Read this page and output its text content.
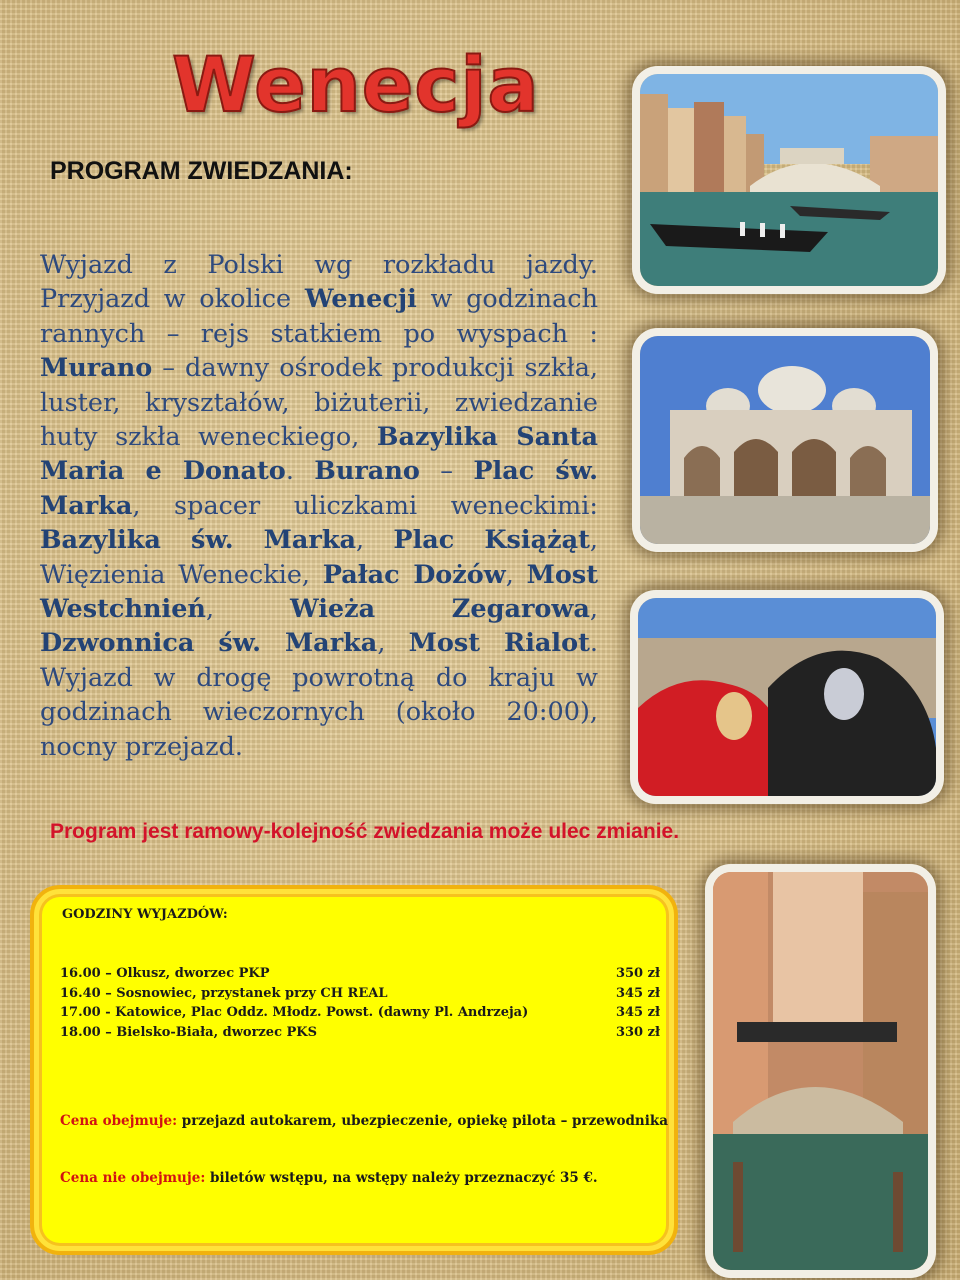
Wenecja
PROGRAM ZWIEDZANIA:

Wyjazd z Polski wg rozkładu jazdy. Przyjazd w okolice Wenecji w godzinach rannych – rejs statkiem po wyspach : Murano – dawny ośrodek produkcji szkła, luster, kryształów, biżuterii, zwiedzanie huty szkła weneckiego, Bazylika Santa Maria e Donato. Burano – Plac św. Marka, spacer uliczkami weneckimi: Bazylika św. Marka, Plac Książąt, Więzienia Weneckie, Pałac Dożów, Most Westchnień, Wieża Zegarowa, Dzwonnica św. Marka, Most Rialot. Wyjazd w drogę powrotną do kraju w godzinach wieczornych (około 20:00), nocny przejazd.

Program jest ramowy-kolejność zwiedzania może ulec zmianie.

GODZINY WYJAZDÓW:
16.00 – Olkusz, dworzec PKP	350 zł
16.40 – Sosnowiec, przystanek przy CH REAL	345 zł
17.00 - Katowice, Plac Oddz. Młodz. Powst. (dawny Pl. Andrzeja)	345 zł
18.00 – Bielsko-Biała, dworzec PKS	330 zł
Cena obejmuje: przejazd autokarem, ubezpieczenie, opiekę pilota – przewodnika
Cena nie obejmuje: biletów wstępu, na wstępy należy przeznaczyć 35 €.
